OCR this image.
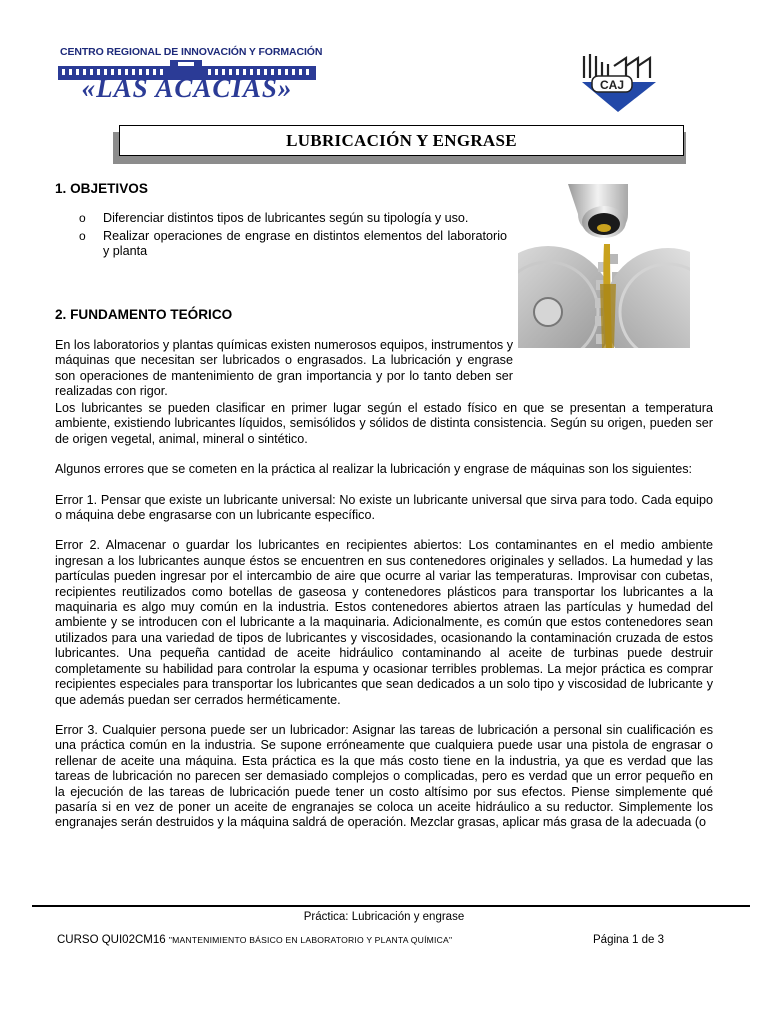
CENTRO REGIONAL DE INNOVACIÓN Y FORMACIÓN
«LAS ACACIAS»	CAJ
LUBRICACIÓN Y ENGRASE
1. OBJETIVOS
o Diferenciar distintos tipos de lubricantes según su tipología y uso.
o Realizar operaciones de engrase en distintos elementos del laboratorio y planta
2. FUNDAMENTO TEÓRICO
En los laboratorios y plantas químicas existen numerosos equipos, instrumentos y máquinas que necesitan ser lubricados o engrasados. La lubricación y engrase son operaciones de mantenimiento de gran importancia y por lo tanto deben ser realizadas con rigor.
Los lubricantes se pueden clasificar en primer lugar según el estado físico en que se presentan a temperatura ambiente, existiendo lubricantes líquidos, semisólidos y sólidos de distinta consistencia. Según su origen, pueden ser de origen vegetal, animal, mineral o sintético.
Algunos errores que se cometen en la práctica al realizar la lubricación y engrase de máquinas son los siguientes:
Error 1. Pensar que existe un lubricante universal: No existe un lubricante universal que sirva para todo. Cada equipo o máquina debe engrasarse con un lubricante específico.
Error 2. Almacenar o guardar los lubricantes en recipientes abiertos: Los contaminantes en el medio ambiente ingresan a los lubricantes aunque éstos se encuentren en sus contenedores originales y sellados. La humedad y las partículas pueden ingresar por el intercambio de aire que ocurre al variar las temperaturas. Improvisar con cubetas, recipientes reutilizados como botellas de gaseosa y contenedores plásticos para transportar los lubricantes a la maquinaria es algo muy común en la industria. Estos contenedores abiertos atraen las partículas y humedad del ambiente y se introducen con el lubricante a la maquinaria. Adicionalmente, es común que estos contenedores sean utilizados para una variedad de tipos de lubricantes y viscosidades, ocasionando la contaminación cruzada de estos lubricantes. Una pequeña cantidad de aceite hidráulico contaminando al aceite de turbinas puede destruir completamente su habilidad para controlar la espuma y ocasionar terribles problemas. La mejor práctica es comprar recipientes especiales para transportar los lubricantes que sean dedicados a un solo tipo y viscosidad de lubricante y que además puedan ser cerrados herméticamente.
Error 3. Cualquier persona puede ser un lubricador: Asignar las tareas de lubricación a personal sin cualificación es una práctica común en la industria. Se supone erróneamente que cualquiera puede usar una pistola de engrasar o rellenar de aceite una máquina. Esta práctica es la que más costo tiene en la industria, ya que es verdad que las tareas de lubricación no parecen ser demasiado complejos o complicadas, pero es verdad que un error pequeño en la ejecución de las tareas de lubricación puede tener un costo altísimo por sus efectos. Piense simplemente qué pasaría si en vez de poner un aceite de engranajes se coloca un aceite hidráulico a su reductor. Simplemente los engranajes serán destruidos y la máquina saldrá de operación. Mezclar grasas, aplicar más grasa de la adecuada (o
Práctica: Lubricación y engrase
CURSO QUI02CM16 "MANTENIMIENTO BÁSICO EN LABORATORIO Y PLANTA QUÍMICA"	Página 1 de 3
